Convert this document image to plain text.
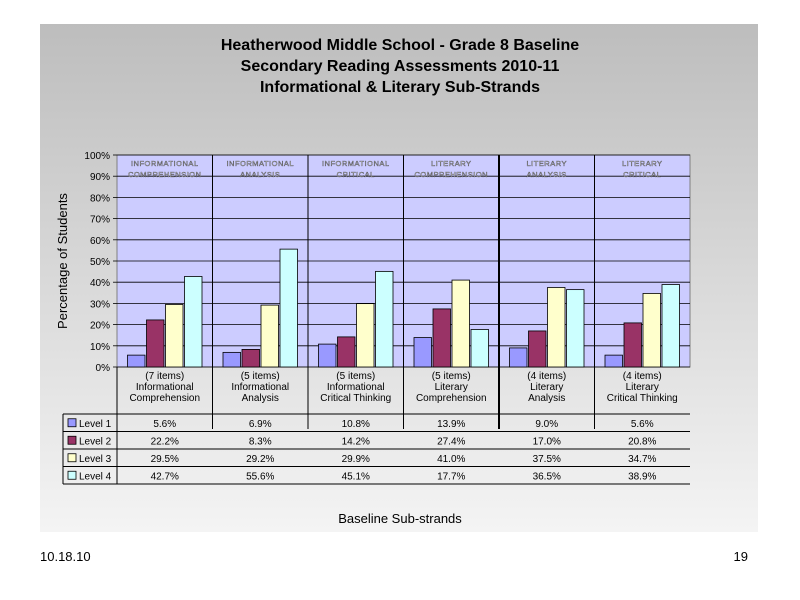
Heatherwood Middle School - Grade 8 Baseline
Secondary Reading Assessments 2010-11
Informational & Literary Sub-Strands
0%
10%
20%
30%
40%
50%
60%
70%
80%
90%
100%
INFORMATIONAL
COMPREHENSION
INFORMATIONAL
ANALYSIS
INFORMATIONAL
CRITICAL
LITERARY
COMPREHENSION
LITERARY
ANALYSIS
LITERARY
CRITICAL
(7 items)
Informational
Comprehension
(5 items)
Informational
Analysis
(5 items)
Informational
Critical Thinking
(5 items)
Literary
Comprehension
(4 items)
Literary
Analysis
(4 items)
Literary
Critical Thinking
Level 1	5.6%	6.9%	10.8%	13.9%	9.0%	5.6%
Level 2	22.2%	8.3%	14.2%	27.4%	17.0%	20.8%
Level 3	29.5%	29.2%	29.9%	41.0%	37.5%	34.7%
Level 4	42.7%	55.6%	45.1%	17.7%	36.5%	38.9%
Percentage of Students
Baseline Sub-strands
10.18.10	19
